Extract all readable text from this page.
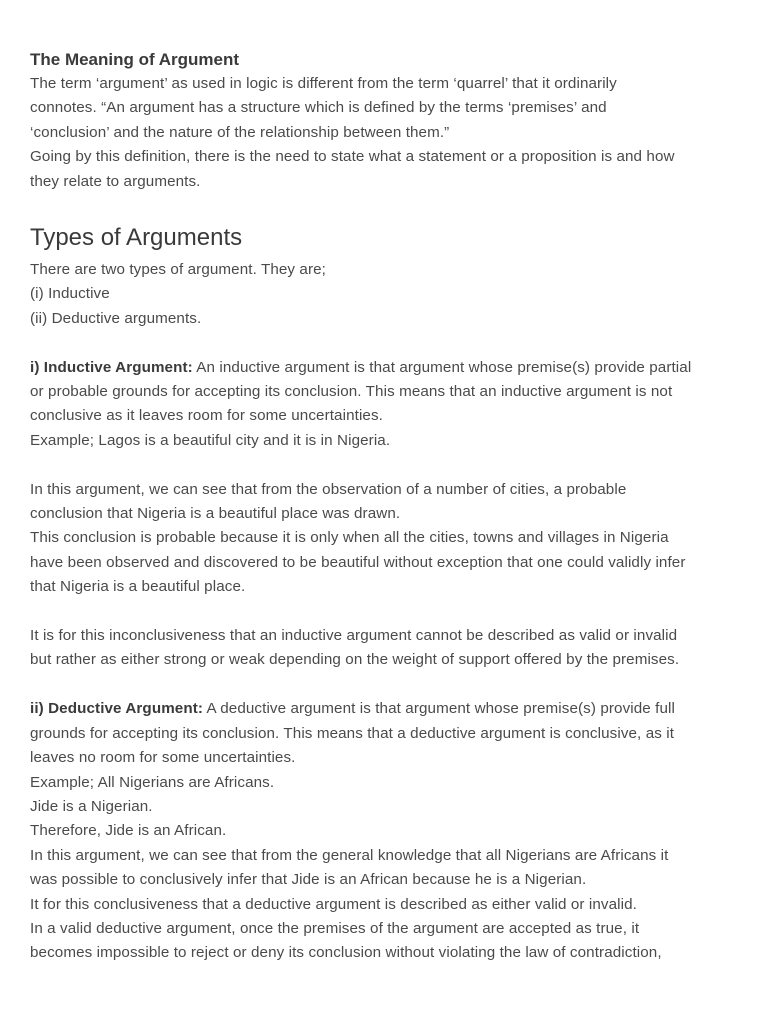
The Meaning of Argument

The term ‘argument’ as used in logic is different from the term ‘quarrel’ that it ordinarily

connotes. “An argument has a structure which is defined by the terms ‘premises’ and

‘conclusion’ and the nature of the relationship between them.”

Going by this definition, there is the need to state what a statement or a proposition is and how

they relate to arguments.

Types of Arguments

There are two types of argument. They are;

(i) Inductive

(ii) Deductive arguments.

i) Inductive Argument: An inductive argument is that argument whose premise(s) provide partial

or probable grounds for accepting its conclusion. This means that an inductive argument is not

conclusive as it leaves room for some uncertainties.

Example; Lagos is a beautiful city and it is in Nigeria.

In this argument, we can see that from the observation of a number of cities, a probable

conclusion that Nigeria is a beautiful place was drawn.

This conclusion is probable because it is only when all the cities, towns and villages in Nigeria

have been observed and discovered to be beautiful without exception that one could validly infer

that Nigeria is a beautiful place.

It is for this inconclusiveness that an inductive argument cannot be described as valid or invalid

but rather as either strong or weak depending on the weight of support offered by the premises.

ii) Deductive Argument: A deductive argument is that argument whose premise(s) provide full

grounds for accepting its conclusion. This means that a deductive argument is conclusive, as it

leaves no room for some uncertainties.

Example; All Nigerians are Africans.

Jide is a Nigerian.

Therefore, Jide is an African.

In this argument, we can see that from the general knowledge that all Nigerians are Africans it

was possible to conclusively infer that Jide is an African because he is a Nigerian.

It for this conclusiveness that a deductive argument is described as either valid or invalid.

In a valid deductive argument, once the premises of the argument are accepted as true, it

becomes impossible to reject or deny its conclusion without violating the law of contradiction,
